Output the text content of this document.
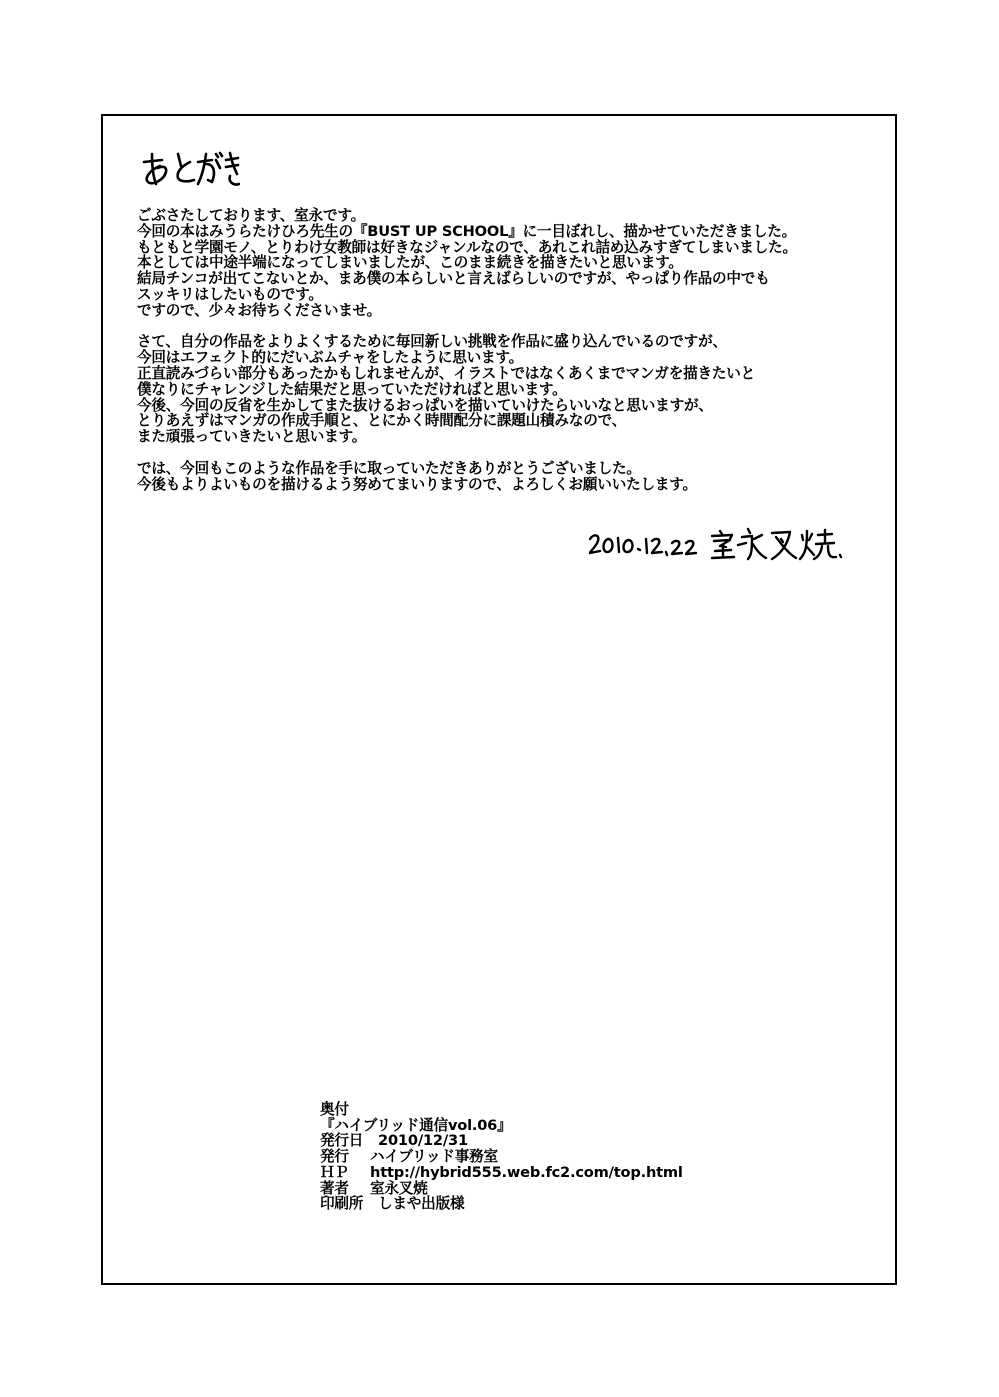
ごぶさたしております、室永です。
今回の本はみうらたけひろ先生の『BUST UP SCHOOL』に一目ぼれし、描かせていただきました。
もともと学園モノ、とりわけ女教師は好きなジャンルなので、あれこれ詰め込みすぎてしまいました。
本としては中途半端になってしまいましたが、このまま続きを描きたいと思います。
結局チンコが出てこないとか、まあ僕の本らしいと言えばらしいのですが、やっぱり作品の中でも
スッキリはしたいものです。
ですので、少々お待ちくださいませ。
さて、自分の作品をよりよくするために毎回新しい挑戦を作品に盛り込んでいるのですが、
今回はエフェクト的にだいぶムチャをしたように思います。
正直読みづらい部分もあったかもしれませんが、イラストではなくあくまでマンガを描きたいと
僕なりにチャレンジした結果だと思っていただければと思います。
今後、今回の反省を生かしてまた抜けるおっぱいを描いていけたらいいなと思いますが、
とりあえずはマンガの作成手順と、とにかく時間配分に課題山積みなので、
また頑張っていきたいと思います。
では、今回もこのような作品を手に取っていただきありがとうございました。
今後もよりよいものを描けるよう努めてまいりますので、よろしくお願いいたします。
奥付
『ハイブリッド通信vol.06』
発行日 2010/12/31
発行 ハイブリッド事務室
ＨＰ http://hybrid555.web.fc2.com/top.html
著者 室永叉焼
印刷所 しまや出版様
